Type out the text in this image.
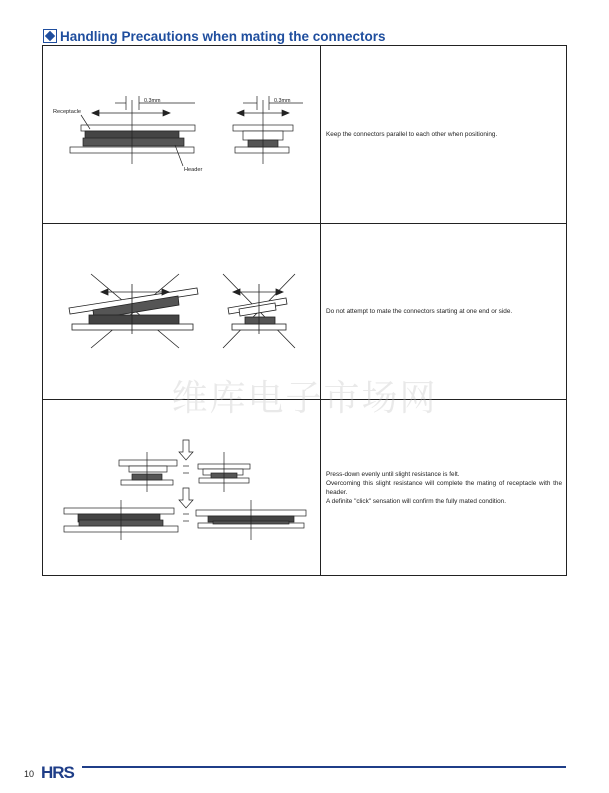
Handling Precautions when mating the connectors
Receptacle
Header
0.3mm	0.3mm

Keep the connectors parallel to each other when positioning.

Do not attempt to mate the connectors starting at one end or side.

Press-down evenly until slight resistance is felt.

Overcoming this slight resistance will complete the mating of receptacle with the header.

A definite "click" sensation will confirm the fully mated condition.

维库电子市场网
10 HRS
